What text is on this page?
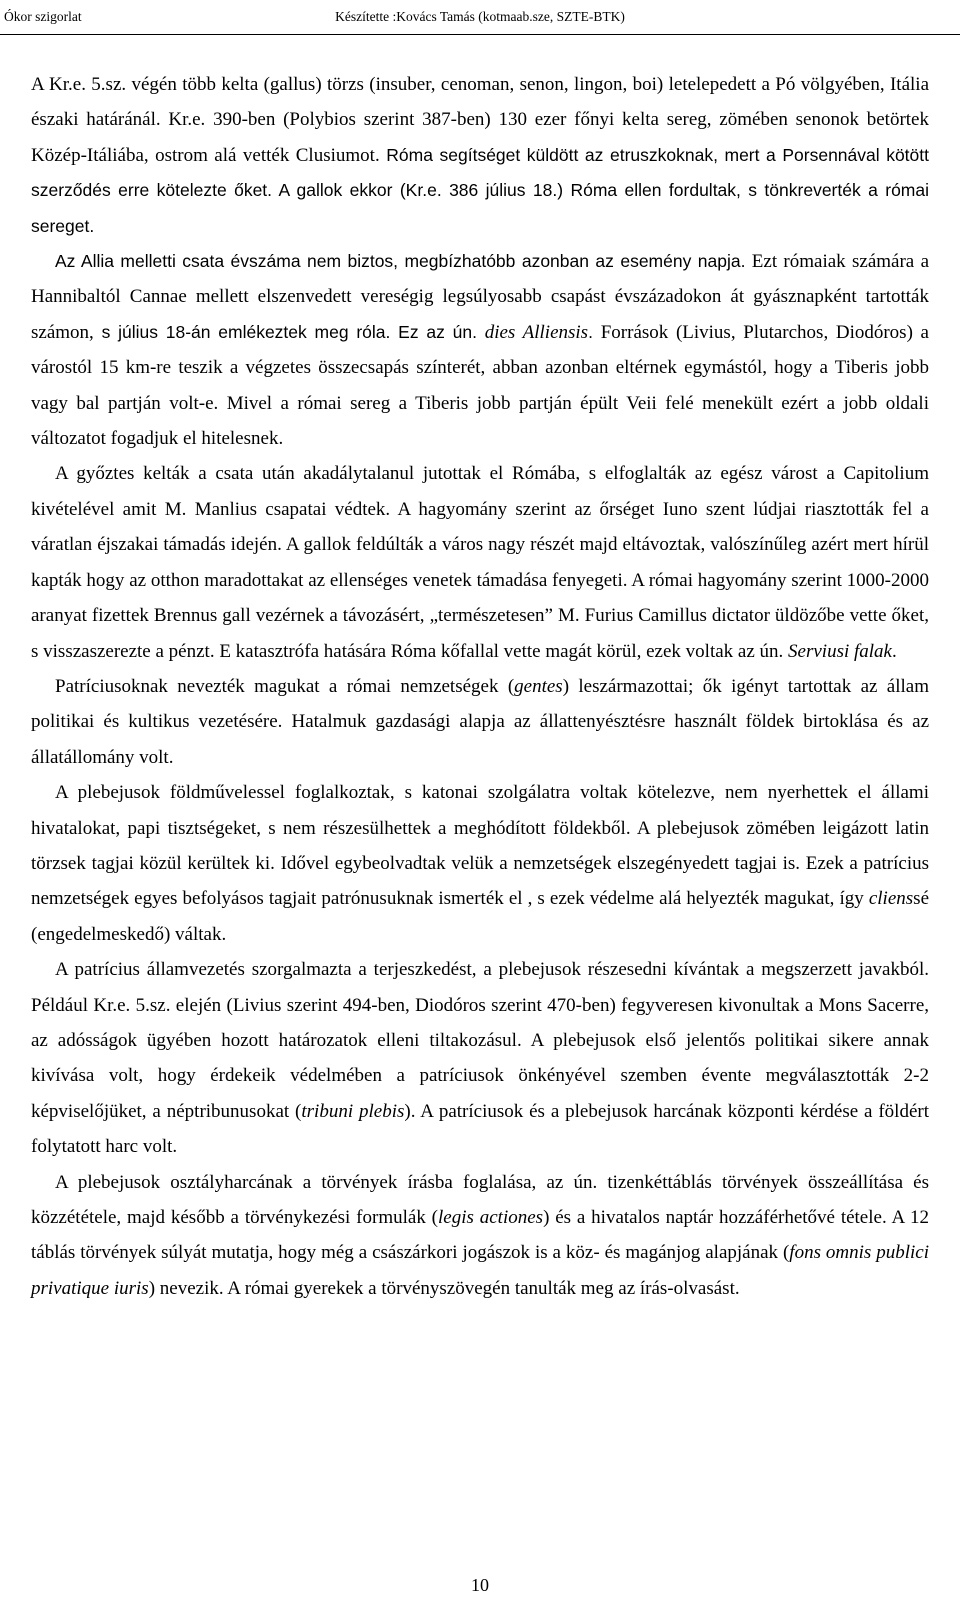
Ókor szigorlat	Készítette :Kovács Tamás (kotmaab.sze, SZTE-BTK)

A Kr.e. 5.sz. végén több kelta (gallus) törzs (insuber, cenoman, senon, lingon, boi) letelepedett a Pó völgyében, Itália északi határánál. Kr.e. 390-ben (Polybios szerint 387-ben) 130 ezer főnyi kelta sereg, zömében senonok betörtek Közép-Itáliába, ostrom alá vették Clusiumot. Róma segítséget küldött az etruszkoknak, mert a Porsennával kötött szerződés erre kötelezte őket. A gallok ekkor (Kr.e. 386 július 18.) Róma ellen fordultak, s tönkreverték a római sereget.

Az Allia melletti csata évszáma nem biztos, megbízhatóbb azonban az esemény napja. Ezt rómaiak számára a Hannibaltól Cannae mellett elszenvedett vereségig legsúlyosabb csapást évszázadokon át gyásznapként tartották számon, s július 18-án emlékeztek meg róla. Ez az ún. dies Alliensis. Források (Livius, Plutarchos, Diodóros) a várostól 15 km-re teszik a végzetes összecsapás színterét, abban azonban eltérnek egymástól, hogy a Tiberis jobb vagy bal partján volt-e. Mivel a római sereg a Tiberis jobb partján épült Veii felé menekült ezért a jobb oldali változatot fogadjuk el hitelesnek.

A győztes kelták a csata után akadálytalanul jutottak el Rómába, s elfoglalták az egész várost a Capitolium kivételével amit M. Manlius csapatai védtek. A hagyomány szerint az őrséget Iuno szent lúdjai riasztották fel a váratlan éjszakai támadás idején. A gallok feldúlták a város nagy részét majd eltávoztak, valószínűleg azért mert hírül kapták hogy az otthon maradottakat az ellenséges venetek támadása fenyegeti. A római hagyomány szerint 1000-2000 aranyat fizettek Brennus gall vezérnek a távozásért, „természetesen” M. Furius Camillus dictator üldözőbe vette őket, s visszaszerezte a pénzt. E katasztrófa hatására Róma kőfallal vette magát körül, ezek voltak az ún. Serviusi falak.

Patríciusoknak nevezték magukat a római nemzetségek (gentes) leszármazottai; ők igényt tartottak az állam politikai és kultikus vezetésére. Hatalmuk gazdasági alapja az állattenyésztésre használt földek birtoklása és az állatállomány volt.

A plebejusok földművelessel foglalkoztak, s katonai szolgálatra voltak kötelezve, nem nyerhettek el állami hivatalokat, papi tisztségeket, s nem részesülhettek a meghódított földekből. A plebejusok zömében leigázott latin törzsek tagjai közül kerültek ki. Idővel egybeolvadtak velük a nemzetségek elszegényedett tagjai is. Ezek a patrícius nemzetségek egyes befolyásos tagjait patrónusuknak ismerték el , s ezek védelme alá helyezték magukat, így clienssé (engedelmeskedő) váltak.

A patrícius államvezetés szorgalmazta a terjeszkedést, a plebejusok részesedni kívántak a megszerzett javakból. Például Kr.e. 5.sz. elején (Livius szerint 494-ben, Diodóros szerint 470-ben) fegyveresen kivonultak a Mons Sacerre, az adósságok ügyében hozott határozatok elleni tiltakozásul. A plebejusok első jelentős politikai sikere annak kivívása volt, hogy érdekeik védelmében a patríciusok önkényével szemben évente megválasztották 2-2 képviselőjüket, a néptribunusokat (tribuni plebis). A patríciusok és a plebejusok harcának központi kérdése a földért folytatott harc volt.

A plebejusok osztályharcának a törvények írásba foglalása, az ún. tizenkéttáblás törvények összeállítása és közzététele, majd később a törvénykezési formulák (legis actiones) és a hivatalos naptár hozzáférhetővé tétele. A 12 táblás törvények súlyát mutatja, hogy még a császárkori jogászok is a köz- és magánjog alapjának (fons omnis publici privatique iuris) nevezik. A római gyerekek a törvényszövegén tanulták meg az írás-olvasást.

10
